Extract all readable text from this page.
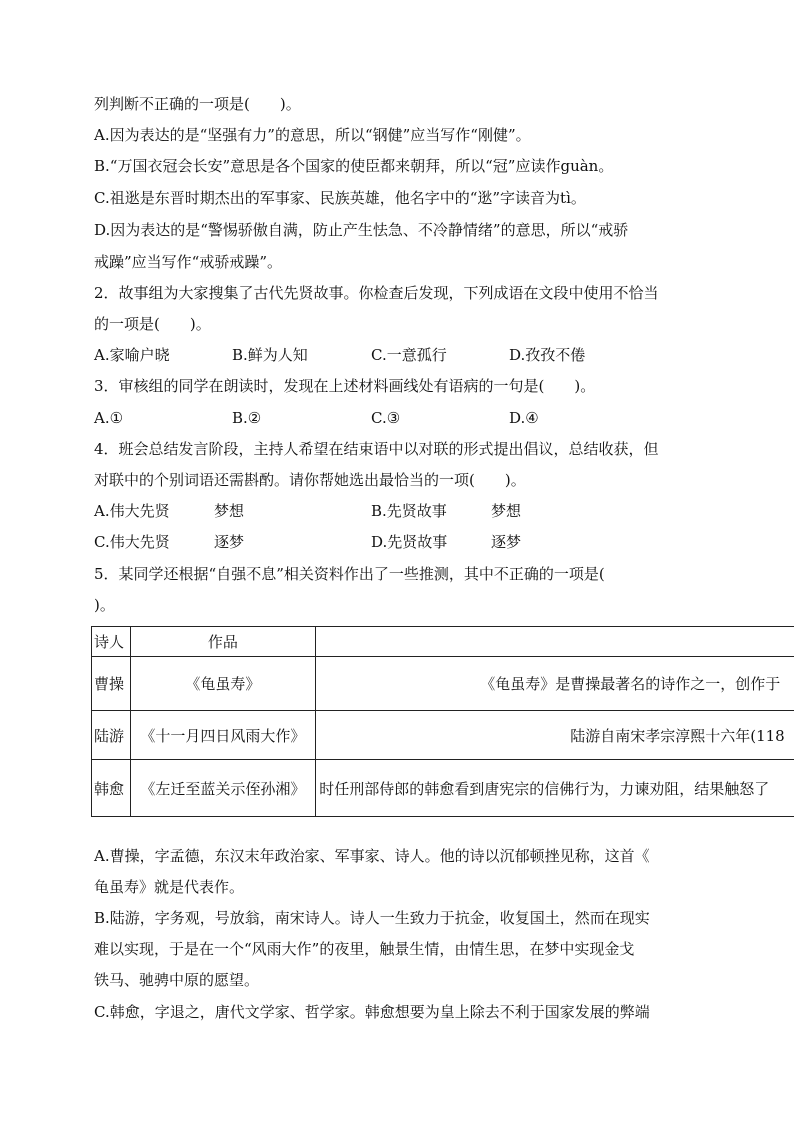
列判断不正确的一项是(　　)。
A.因为表达的是“坚强有力”的意思，所以“钢健”应当写作“刚健”。
B.“万国衣冠会长安”意思是各个国家的使臣都来朝拜，所以“冠”应读作guàn。
C.祖逖是东晋时期杰出的军事家、民族英雄，他名字中的“逖”字读音为tì。
D.因为表达的是“警惕骄傲自满，防止产生怯急、不冷静情绪”的意思，所以“戒骄
戒躁”应当写作“戒骄戒躁”。
2．故事组为大家搜集了古代先贤故事。你检查后发现，下列成语在文段中使用不恰当
的一项是(　　)。
A.家喻户晓	B.鲜为人知	C.一意孤行	D.孜孜不倦
3．审核组的同学在朗读时，发现在上述材料画线处有语病的一句是(　　)。
A.①	B.②	C.③	D.④
4．班会总结发言阶段，主持人希望在结束语中以对联的形式提出倡议，总结收获，但
对联中的个别词语还需斟酌。请你帮她选出最恰当的一项(　　)。
A.伟大先贤	梦想	B.先贤故事	梦想
C.伟大先贤	逐梦	D.先贤故事	逐梦
5．某同学还根据“自强不息”相关资料作出了一些推测，其中不正确的一项是(
)。
诗人	作品	
曹操	《龟虽寿》	《龟虽寿》是曹操最著名的诗作之一，创作于
陆游	《十一月四日风雨大作》	陆游自南宋孝宗淳熙十六年(118
韩愈	《左迁至蓝关示侄孙湘》	时任刑部侍郎的韩愈看到唐宪宗的信佛行为，力谏劝阻，结果触怒了
A.曹操，字孟德，东汉末年政治家、军事家、诗人。他的诗以沉郁顿挫见称，这首《
龟虽寿》就是代表作。
B.陆游，字务观，号放翁，南宋诗人。诗人一生致力于抗金，收复国土，然而在现实
难以实现，于是在一个“风雨大作”的夜里，触景生情，由情生思，在梦中实现金戈
铁马、驰骋中原的愿望。
C.韩愈，字退之，唐代文学家、哲学家。韩愈想要为皇上除去不利于国家发展的弊端
